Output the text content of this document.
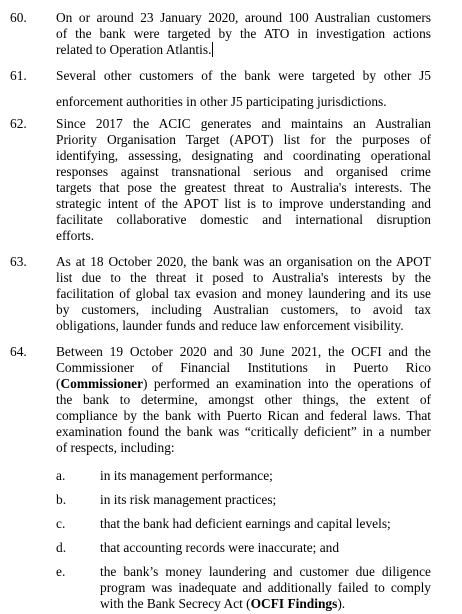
60. On or around 23 January 2020, around 100 Australian customers
of the bank were targeted by the ATO in investigation actions
related to Operation Atlantis.
61. Several other customers of the bank were targeted by other J5
enforcement authorities in other J5 participating jurisdictions.
62. Since 2017 the ACIC generates and maintains an Australian
Priority Organisation Target (APOT) list for the purposes of
identifying, assessing, designating and coordinating operational
responses against transnational serious and organised crime
targets that pose the greatest threat to Australia's interests. The
strategic intent of the APOT list is to improve understanding and
facilitate collaborative domestic and international disruption
efforts.
63. As at 18 October 2020, the bank was an organisation on the APOT
list due to the threat it posed to Australia's interests by the
facilitation of global tax evasion and money laundering and its use
by customers, including Australian customers, to avoid tax
obligations, launder funds and reduce law enforcement visibility.
64. Between 19 October 2020 and 30 June 2021, the OCFI and the
Commissioner of Financial Institutions in Puerto Rico
(Commissioner) performed an examination into the operations of
the bank to determine, amongst other things, the extent of
compliance by the bank with Puerto Rican and federal laws. That
examination found the bank was “critically deficient” in a number
of respects, including:
a.	in its management performance;
b.	in its risk management practices;
c.	that the bank had deficient earnings and capital levels;
d.	that accounting records were inaccurate; and
e.	the bank’s money laundering and customer due diligence
program was inadequate and additionally failed to comply
with the Bank Secrecy Act (OCFI Findings).
